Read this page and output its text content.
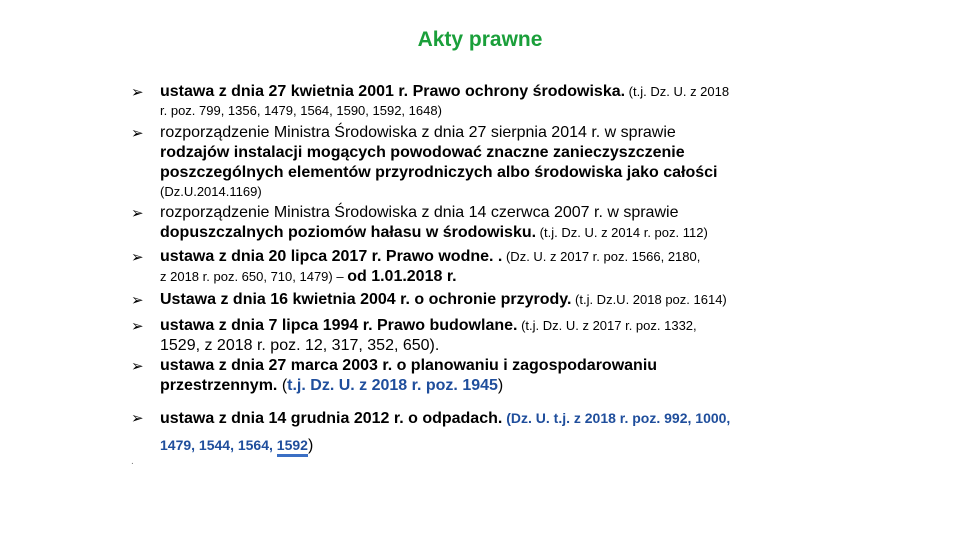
Akty prawne
➢ ustawa z dnia 27 kwietnia 2001 r. Prawo ochrony środowiska. (t.j. Dz. U. z 2018
r. poz. 799, 1356, 1479, 1564, 1590, 1592, 1648)
➢ rozporządzenie Ministra Środowiska z dnia 27 sierpnia 2014 r. w sprawie
rodzajów instalacji mogących powodować znaczne zanieczyszczenie
poszczególnych elementów przyrodniczych albo środowiska jako całości
(Dz.U.2014.1169)
➢ rozporządzenie Ministra Środowiska z dnia 14 czerwca 2007 r. w sprawie
dopuszczalnych poziomów hałasu w środowisku. (t.j. Dz. U. z 2014 r. poz. 112)
➢ ustawa z dnia 20 lipca 2017 r. Prawo wodne. . (Dz. U. z 2017 r. poz. 1566, 2180,
z 2018 r. poz. 650, 710, 1479) – od 1.01.2018 r.
➢ Ustawa z dnia 16 kwietnia 2004 r. o ochronie przyrody. (t.j. Dz.U. 2018 poz. 1614)
➢ ustawa z dnia 7 lipca 1994 r. Prawo budowlane. (t.j. Dz. U. z 2017 r. poz. 1332,
1529, z 2018 r. poz. 12, 317, 352, 650).
➢ ustawa z dnia 27 marca 2003 r. o planowaniu i zagospodarowaniu
przestrzennym. (t.j. Dz. U. z 2018 r. poz. 1945)
➢ ustawa z dnia 14 grudnia 2012 r. o odpadach. (Dz. U. t.j. z 2018 r. poz. 992, 1000,
1479, 1544, 1564, 1592)
.
